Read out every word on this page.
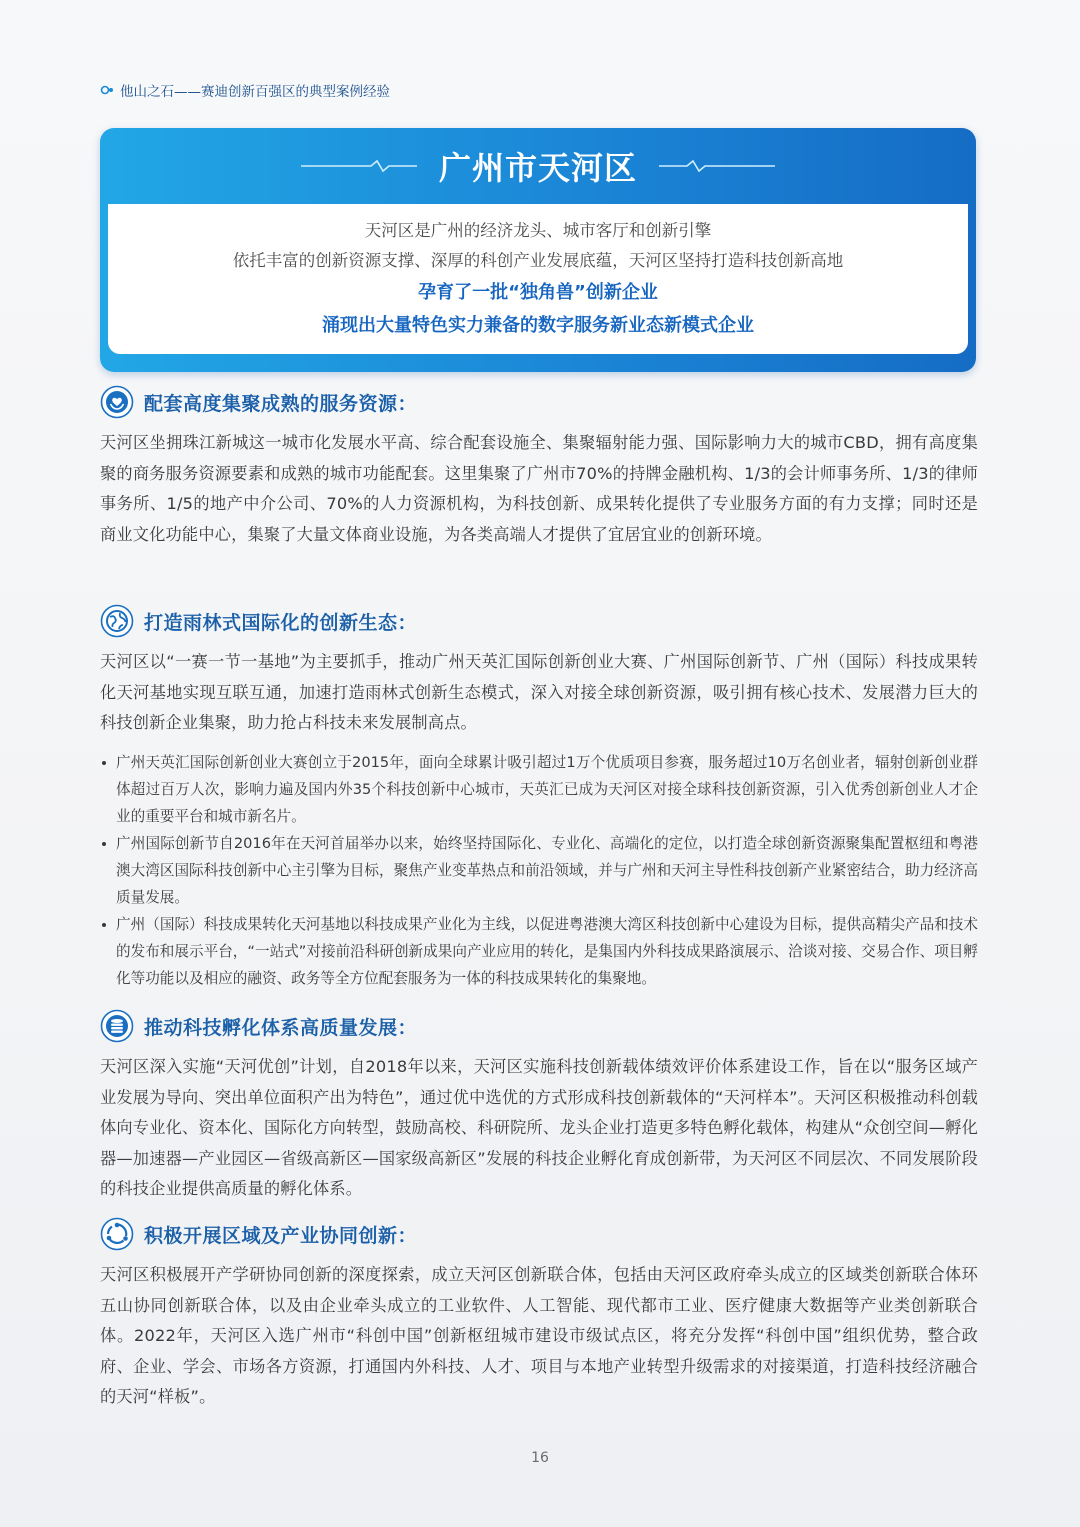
他山之石——赛迪创新百强区的典型案例经验
广州市天河区
天河区是广州的经济龙头、城市客厅和创新引擎
依托丰富的创新资源支撑、深厚的科创产业发展底蕴，天河区坚持打造科技创新高地
孕育了一批“独角兽”创新企业
涌现出大量特色实力兼备的数字服务新业态新模式企业
配套高度集聚成熟的服务资源：

天河区坐拥珠江新城这一城市化发展水平高、综合配套设施全、集聚辐射能力强、国际影响力大的城市CBD，拥有高度集聚的商务服务资源要素和成熟的城市功能配套。这里集聚了广州市70%的持牌金融机构、1/3的会计师事务所、1/3的律师事务所、1/5的地产中介公司、70%的人力资源机构，为科技创新、成果转化提供了专业服务方面的有力支撑；同时还是商业文化功能中心，集聚了大量文体商业设施，为各类高端人才提供了宜居宜业的创新环境。

打造雨林式国际化的创新生态：

天河区以“一赛一节一基地”为主要抓手，推动广州天英汇国际创新创业大赛、广州国际创新节、广州（国际）科技成果转化天河基地实现互联互通，加速打造雨林式创新生态模式，深入对接全球创新资源，吸引拥有核心技术、发展潜力巨大的科技创新企业集聚，助力抢占科技未来发展制高点。

广州天英汇国际创新创业大赛创立于2015年，面向全球累计吸引超过1万个优质项目参赛，服务超过10万名创业者，辐射创新创业群体超过百万人次，影响力遍及国内外35个科技创新中心城市，天英汇已成为天河区对接全球科技创新资源，引入优秀创新创业人才企业的重要平台和城市新名片。
广州国际创新节自2016年在天河首届举办以来，始终坚持国际化、专业化、高端化的定位，以打造全球创新资源聚集配置枢纽和粤港澳大湾区国际科技创新中心主引擎为目标，聚焦产业变革热点和前沿领域，并与广州和天河主导性科技创新产业紧密结合，助力经济高质量发展。
广州（国际）科技成果转化天河基地以科技成果产业化为主线，以促进粤港澳大湾区科技创新中心建设为目标，提供高精尖产品和技术的发布和展示平台，“一站式”对接前沿科研创新成果向产业应用的转化，是集国内外科技成果路演展示、洽谈对接、交易合作、项目孵化等功能以及相应的融资、政务等全方位配套服务为一体的科技成果转化的集聚地。
推动科技孵化体系高质量发展：

天河区深入实施“天河优创”计划，自2018年以来，天河区实施科技创新载体绩效评价体系建设工作，旨在以“服务区域产业发展为导向、突出单位面积产出为特色”，通过优中选优的方式形成科技创新载体的“天河样本”。天河区积极推动科创载体向专业化、资本化、国际化方向转型，鼓励高校、科研院所、龙头企业打造更多特色孵化载体，构建从“众创空间—孵化器—加速器—产业园区—省级高新区—国家级高新区”发展的科技企业孵化育成创新带，为天河区不同层次、不同发展阶段的科技企业提供高质量的孵化体系。

积极开展区域及产业协同创新：

天河区积极展开产学研协同创新的深度探索，成立天河区创新联合体，包括由天河区政府牵头成立的区域类创新联合体环五山协同创新联合体，以及由企业牵头成立的工业软件、人工智能、现代都市工业、医疗健康大数据等产业类创新联合体。2022年，天河区入选广州市“科创中国”创新枢纽城市建设市级试点区，将充分发挥“科创中国”组织优势，整合政府、企业、学会、市场各方资源，打通国内外科技、人才、项目与本地产业转型升级需求的对接渠道，打造科技经济融合的天河“样板”。

16
